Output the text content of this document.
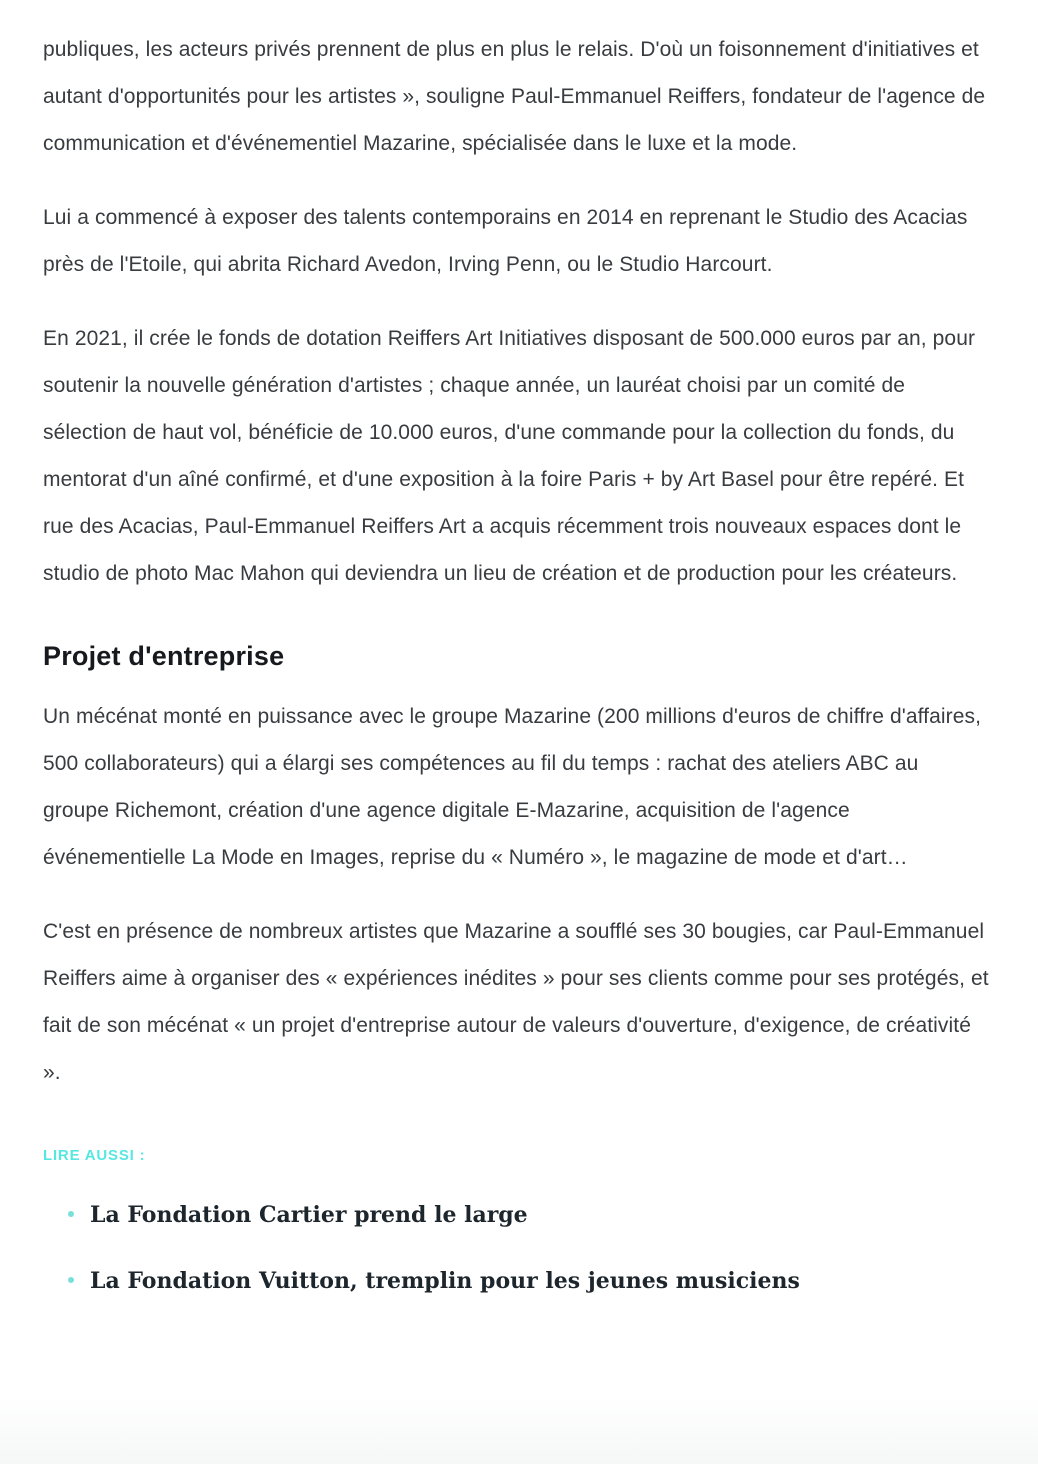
publiques, les acteurs privés prennent de plus en plus le relais. D'où un foisonnement d'initiatives et autant d'opportunités pour les artistes », souligne Paul-Emmanuel Reiffers, fondateur de l'agence de communication et d'événementiel Mazarine, spécialisée dans le luxe et la mode.

Lui a commencé à exposer des talents contemporains en 2014 en reprenant le Studio des Acacias près de l'Etoile, qui abrita Richard Avedon, Irving Penn, ou le Studio Harcourt.

En 2021, il crée le fonds de dotation Reiffers Art Initiatives disposant de 500.000 euros par an, pour soutenir la nouvelle génération d'artistes ; chaque année, un lauréat choisi par un comité de sélection de haut vol, bénéficie de 10.000 euros, d'une commande pour la collection du fonds, du mentorat d'un aîné confirmé, et d'une exposition à la foire Paris + by Art Basel pour être repéré. Et rue des Acacias, Paul-Emmanuel Reiffers Art a acquis récemment trois nouveaux espaces dont le studio de photo Mac Mahon qui deviendra un lieu de création et de production pour les créateurs.

Projet d'entreprise

Un mécénat monté en puissance avec le groupe Mazarine (200 millions d'euros de chiffre d'affaires, 500 collaborateurs) qui a élargi ses compétences au fil du temps : rachat des ateliers ABC au groupe Richemont, création d'une agence digitale E-Mazarine, acquisition de l'agence événementielle La Mode en Images, reprise du « Numéro », le magazine de mode et d'art…

C'est en présence de nombreux artistes que Mazarine a soufflé ses 30 bougies, car Paul-Emmanuel Reiffers aime à organiser des « expériences inédites » pour ses clients comme pour ses protégés, et fait de son mécénat « un projet d'entreprise autour de valeurs d'ouverture, d'exigence, de créativité ».

LIRE AUSSI :
La Fondation Cartier prend le large
La Fondation Vuitton, tremplin pour les jeunes musiciens
